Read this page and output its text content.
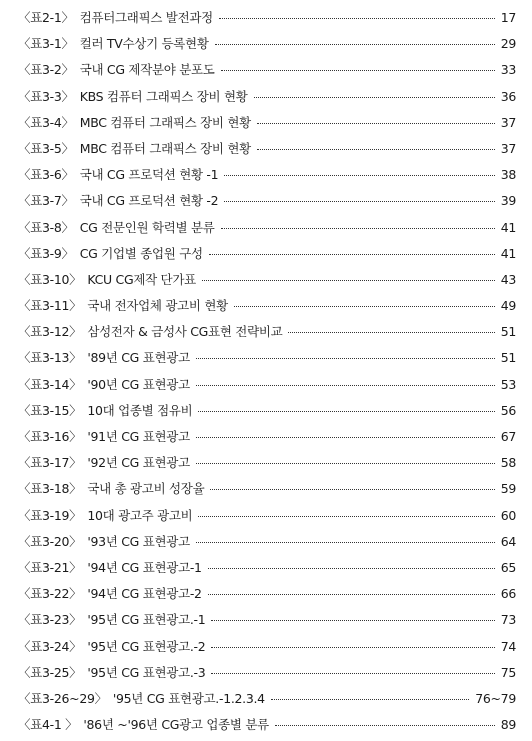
〈표2-1〉 컴퓨터그래픽스 발전과정	17
〈표3-1〉 컬러 TV수상기 등록현황	29
〈표3-2〉 국내 CG 제작분야 분포도	33
〈표3-3〉 KBS 컴퓨터 그래픽스 장비 현황	36
〈표3-4〉 MBC 컴퓨터 그래픽스 장비 현황	37
〈표3-5〉 MBC 컴퓨터 그래픽스 장비 현황	37
〈표3-6〉 국내 CG 프로덕션 현황 -1	38
〈표3-7〉 국내 CG 프로덕션 현황 -2	39
〈표3-8〉 CG 전문인원 학력별 분류	41
〈표3-9〉 CG 기업별 종업원 구성	41
〈표3-10〉 KCU CG제작 단가표	43
〈표3-11〉 국내 전자업체 광고비 현황	49
〈표3-12〉 삼성전자 & 금성사 CG표현 전략비교	51
〈표3-13〉 '89년 CG 표현광고	51
〈표3-14〉 '90년 CG 표현광고	53
〈표3-15〉 10대 업종별 점유비	56
〈표3-16〉 '91년 CG 표현광고	67
〈표3-17〉 '92년 CG 표현광고	58
〈표3-18〉 국내 총 광고비 성장율	59
〈표3-19〉 10대 광고주 광고비	60
〈표3-20〉 '93년 CG 표현광고	64
〈표3-21〉 '94년 CG 표현광고-1	65
〈표3-22〉 '94년 CG 표현광고-2	66
〈표3-23〉 '95년 CG 표현광고.-1	73
〈표3-24〉 '95년 CG 표현광고.-2	74
〈표3-25〉 '95년 CG 표현광고.-3	75
〈표3-26~29〉 '95년 CG 표현광고.-1.2.3.4	76~79
〈표4-1 〉 '86년 ~'96년 CG광고 업종별 분류	89
